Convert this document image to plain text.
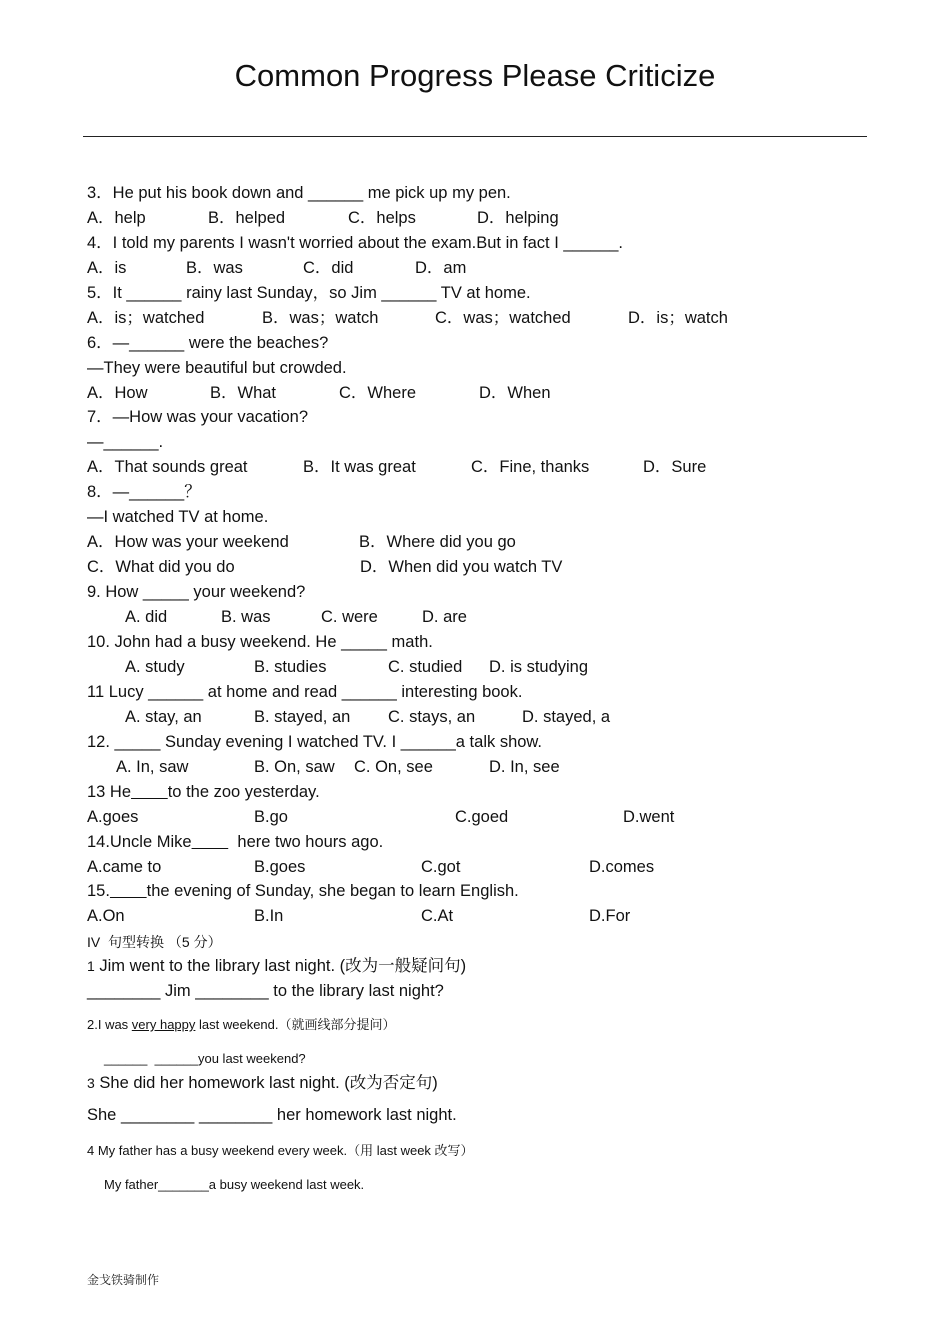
Common Progress Please Criticize
3．He put his book down and ______ me pick up my pen.
A．help	B．helped	C．helps	D．helping
4．I told my parents I wasn't worried about the exam.But in fact I ______.
A．is	B．was	C．did	D．am
5．It ______ rainy last Sunday，so Jim ______ TV at home.
A．is；watched	B．was；watch	C．was；watched	D．is；watch
6．—______ were the beaches?
—They were beautiful but crowded.
A．How	B．What	C．Where	D．When
7．—How was your vacation?
—______.
A．That sounds great	B．It was great	C．Fine, thanks	D．Sure
8．—______？
—I watched TV at home.
A．How was your weekend	B．Where did you go
C．What did you do	D．When did you watch TV
9. How _____ your weekend?
A. did	B. was	C. were	D. are
10. John had a busy weekend. He _____ math.
A. study	B. studies	C. studied D. is studying
11 Lucy ______ at home and read ______ interesting book.
A. stay, an	B. stayed, an C. stays, an	D. stayed, a
12. _____ Sunday evening I watched TV. I ______a talk show.
A. In, saw	B. On, saw C. On, see	D. In, see
13 He to the zoo yesterday.
A.goes	B.go	C.goed	D.went
14.Uncle Mike          here two hours ago.
A.came to	B.goes	C.got	D.comes
15. the evening of Sunday, she began to learn English.
A.On	B.In	C.At	D.For
IV  句型转换 （5 分）
1 Jim went to the library last night. (改为一般疑问句)
________ Jim ________ to the library last night?
2.I was very happy last weekend.（就画线部分提问）
______  ______you last weekend?
3 She did her homework last night. (改为否定句)
She ________ ________ her homework last night.
4 My father has a busy weekend every week.（用 last week 改写）
My father_______a busy weekend last week.
金戈铁骑制作
